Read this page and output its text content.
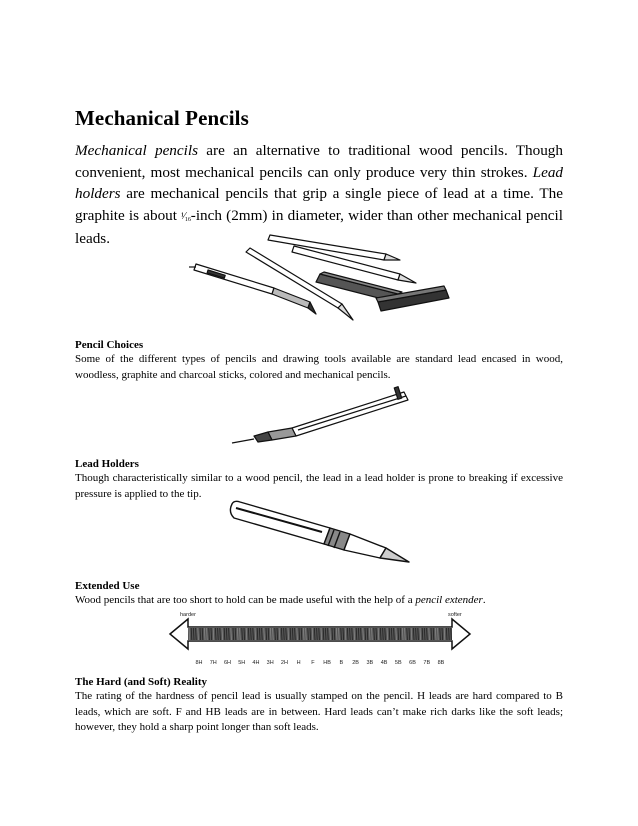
Mechanical Pencils

Mechanical pencils are an alternative to traditional wood pencils. Though convenient, most mechanical pencils can only produce very thin strokes. Lead holders are mechanical pencils that grip a single piece of lead at a time. The graphite is about ¹⁄₁₆-inch (2mm) in diameter, wider than other mechanical pencil leads.

Pencil Choices

Some of the different types of pencils and drawing tools available are standard lead encased in wood, woodless, graphite and charcoal sticks, colored and mechanical pencils.

Lead Holders

Though characteristically similar to a wood pencil, the lead in a lead holder is prone to breaking if excessive pressure is applied to the tip.

Extended Use

Wood pencils that are too short to hold can be made useful with the help of a pencil extender.

harder	softer
8H 7H 6H 5H 4H 3H 2H H F HB B 2B 3B 4B 5B 6B 7B 8B
The Hard (and Soft) Reality

The rating of the hardness of pencil lead is usually stamped on the pencil. H leads are hard compared to B leads, which are soft. F and HB leads are in between. Hard leads can’t make rich darks like the soft leads; however, they hold a sharp point longer than soft leads.
